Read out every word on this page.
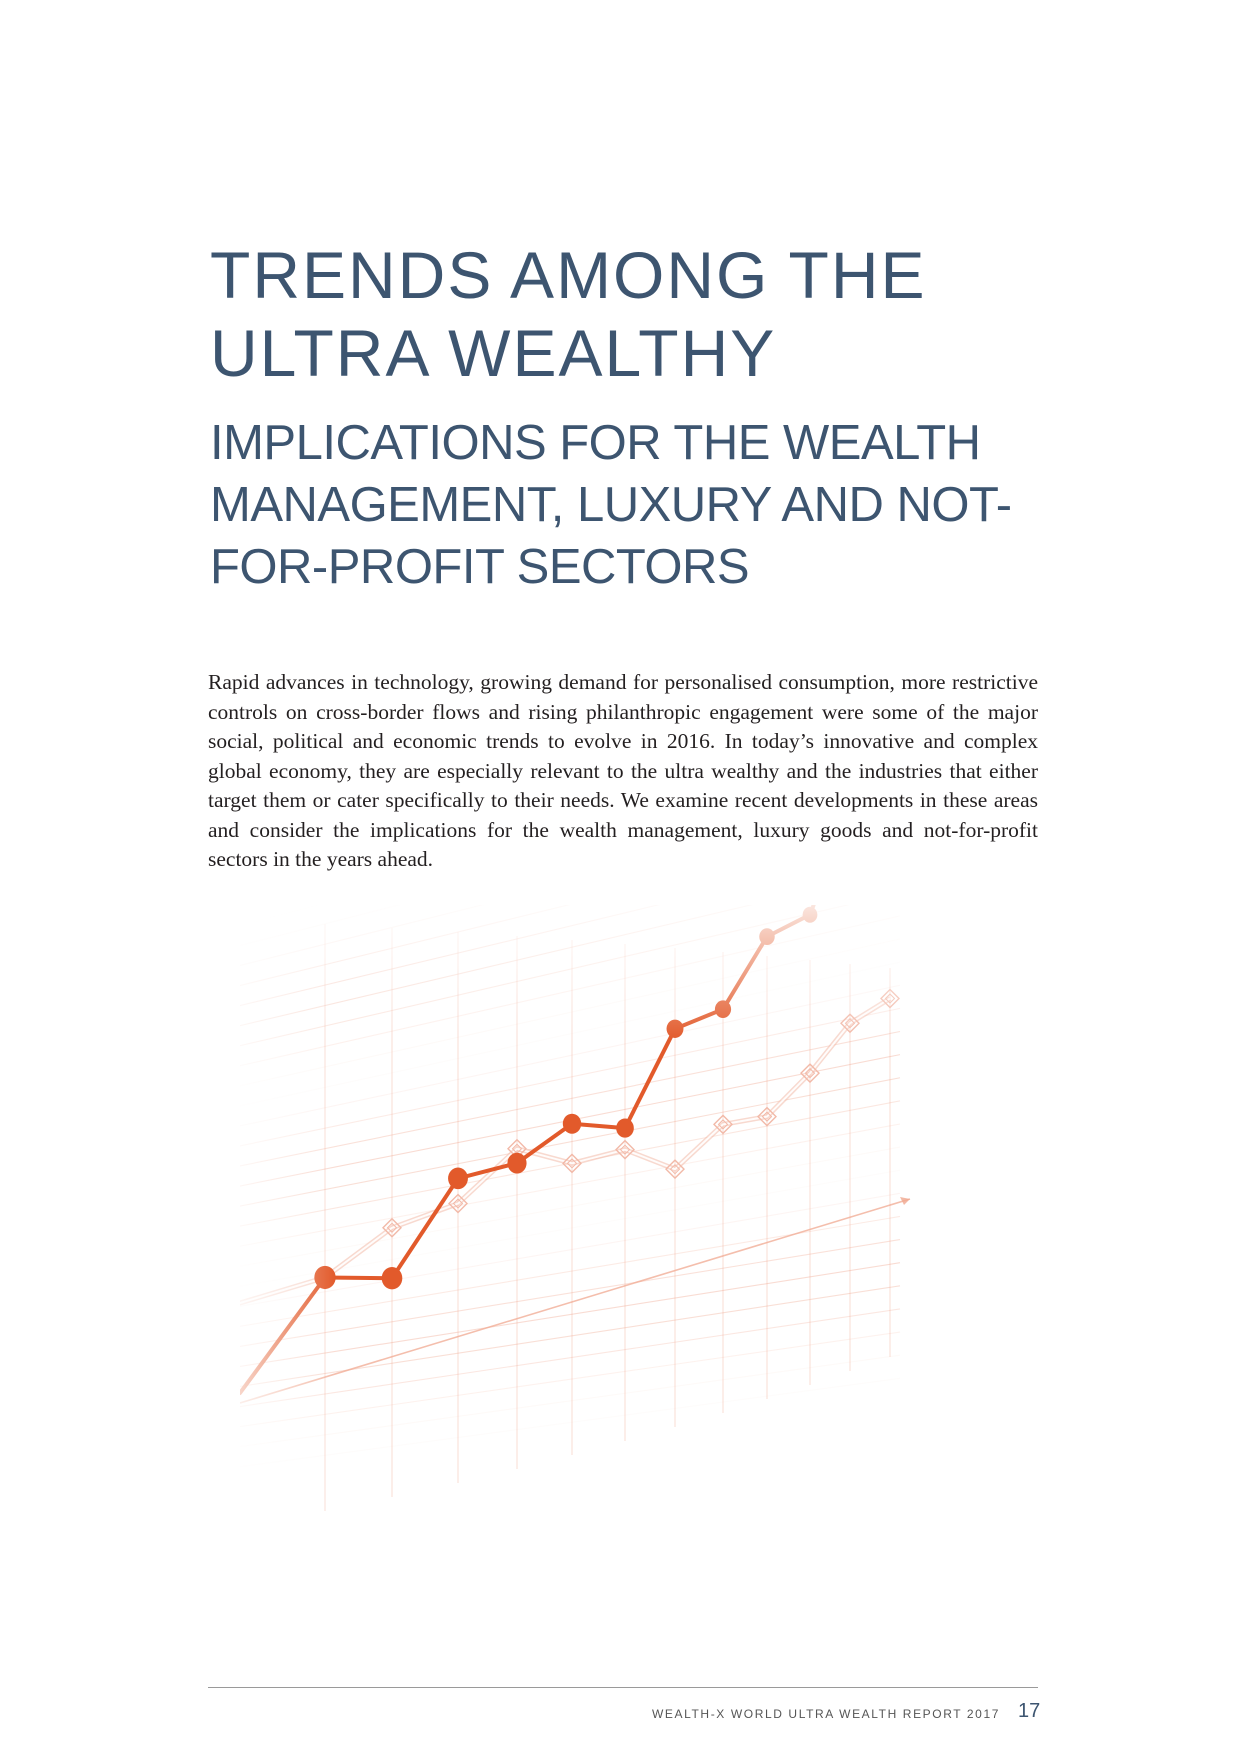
TRENDS AMONG THE ULTRA WEALTHY
IMPLICATIONS FOR THE WEALTH MANAGEMENT, LUXURY AND NOT-FOR-PROFIT SECTORS

Rapid advances in technology, growing demand for personalised consumption, more restrictive controls on cross-border flows and rising philanthropic engagement were some of the major social, political and economic trends to evolve in 2016. In today’s innovative and complex global economy, they are especially relevant to the ultra wealthy and the industries that either target them or cater specifically to their needs. We examine recent developments in these areas and consider the implications for the wealth management, luxury goods and not-for-profit sectors in the years ahead.

WEALTH-X WORLD ULTRA WEALTH REPORT 2017 17
